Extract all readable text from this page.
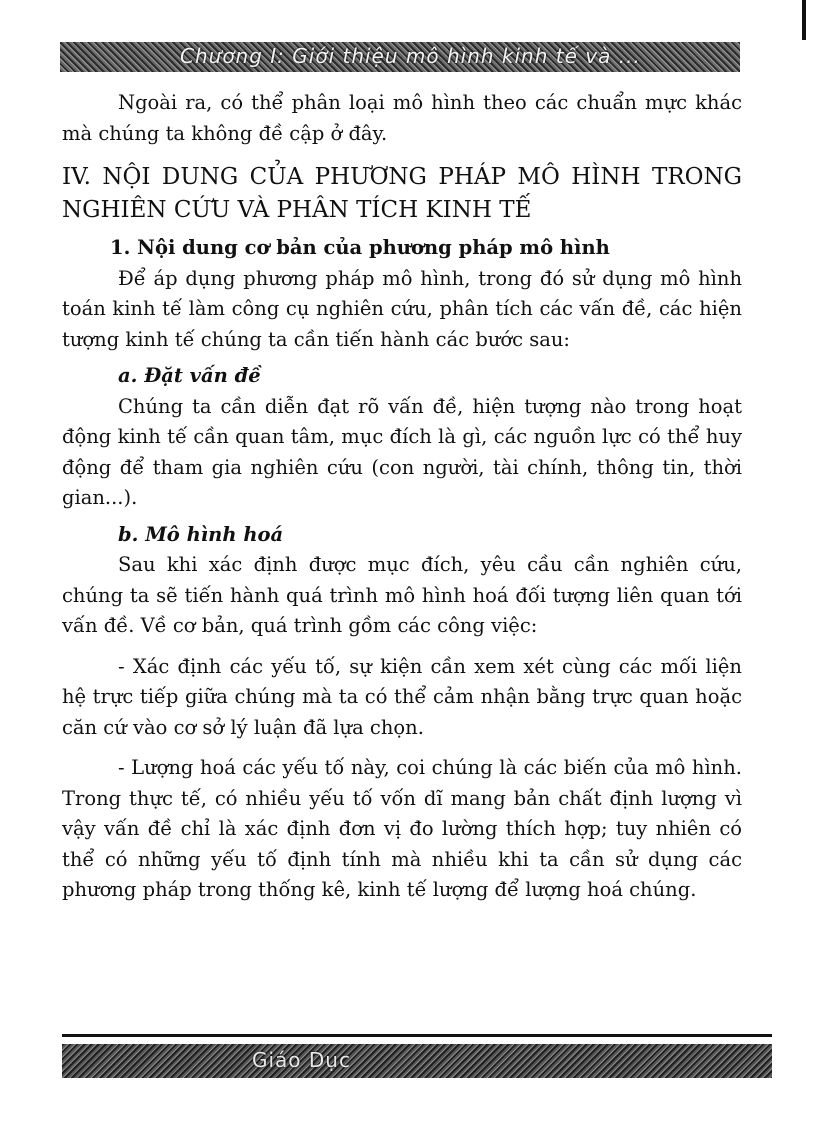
Chương I: Giới thiệu mô hình kinh tế và ...

Ngoài ra, có thể phân loại mô hình theo các chuẩn mực khác mà chúng ta không đề cập ở đây.

IV. NỘI DUNG CỦA PHƯƠNG PHÁP MÔ HÌNH TRONG NGHIÊN CỨU VÀ PHÂN TÍCH KINH TẾ

1. Nội dung cơ bản của phương pháp mô hình

Để áp dụng phương pháp mô hình, trong đó sử dụng mô hình toán kinh tế làm công cụ nghiên cứu, phân tích các vấn đề, các hiện tượng kinh tế chúng ta cần tiến hành các bước sau:

a. Đặt vấn đề

Chúng ta cần diễn đạt rõ vấn đề, hiện tượng nào trong hoạt động kinh tế cần quan tâm, mục đích là gì, các nguồn lực có thể huy động để tham gia nghiên cứu (con người, tài chính, thông tin, thời gian...).

b. Mô hình hoá

Sau khi xác định được mục đích, yêu cầu cần nghiên cứu, chúng ta sẽ tiến hành quá trình mô hình hoá đối tượng liên quan tới vấn đề. Về cơ bản, quá trình gồm các công việc:

- Xác định các yếu tố, sự kiện cần xem xét cùng các mối liện hệ trực tiếp giữa chúng mà ta có thể cảm nhận bằng trực quan hoặc căn cứ vào cơ sở lý luận đã lựa chọn.

- Lượng hoá các yếu tố này, coi chúng là các biến của mô hình. Trong thực tế, có nhiều yếu tố vốn dĩ mang bản chất định lượng vì vậy vấn đề chỉ là xác định đơn vị đo lường thích hợp; tuy nhiên có thể có những yếu tố định tính mà nhiều khi ta cần sử dụng các phương pháp trong thống kê, kinh tế lượng để lượng hoá chúng.

Giáo Dục
